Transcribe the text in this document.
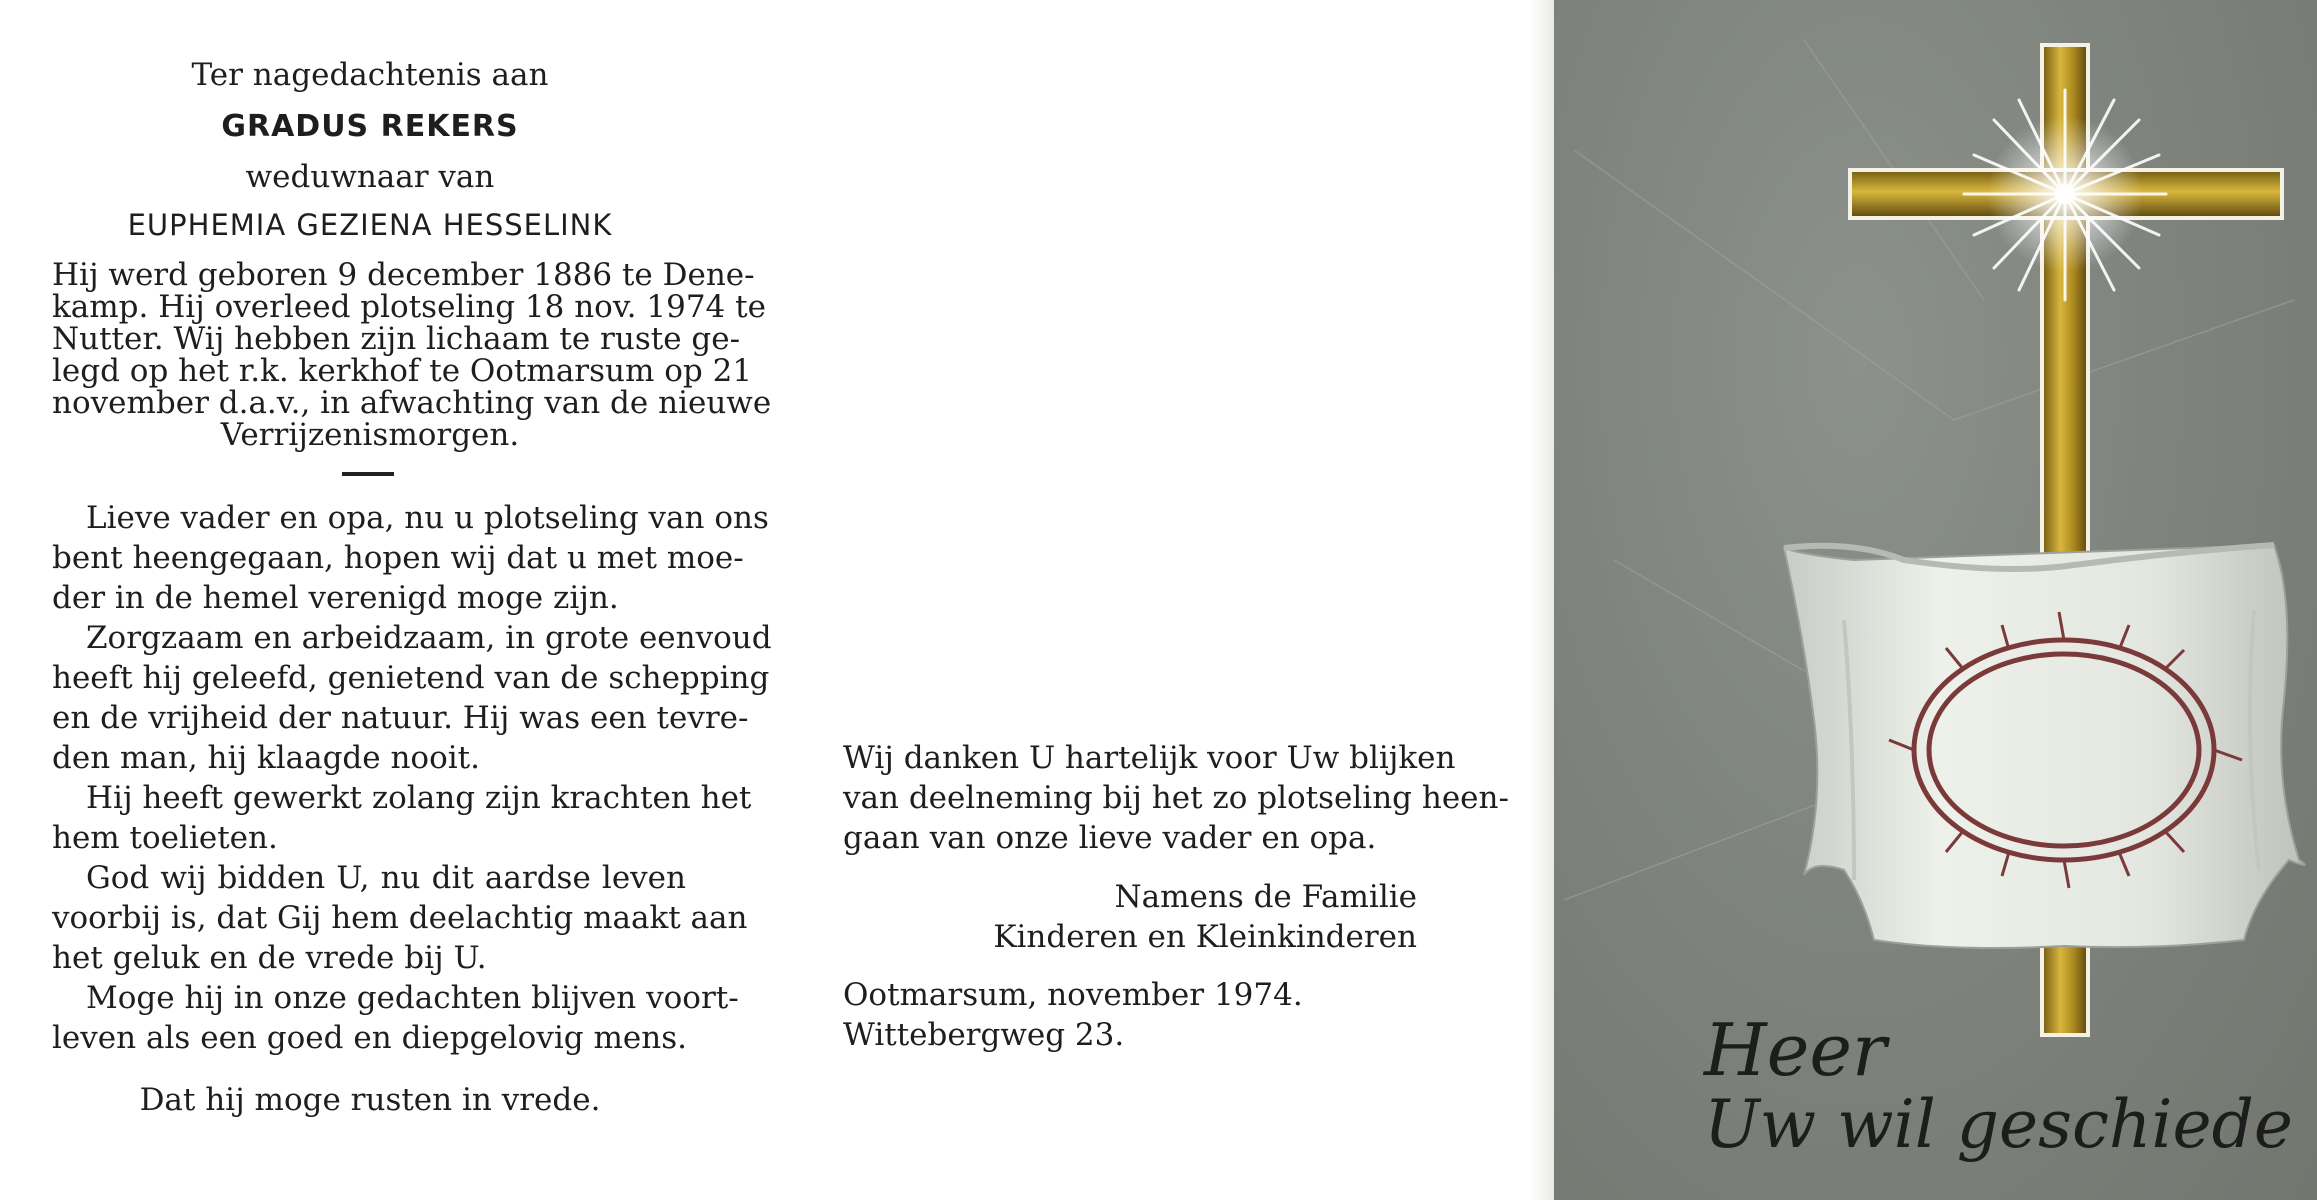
Ter nagedachtenis aan
GRADUS REKERS
weduwnaar van
EUPHEMIA GEZIENA HESSELINK
Hij werd geboren 9 december 1886 te Dene-
kamp. Hij overleed plotseling 18 nov. 1974 te
Nutter. Wij hebben zijn lichaam te ruste ge-
legd op het r.k. kerkhof te Ootmarsum op 21
november d.a.v., in afwachting van de nieuwe
Verrijzenismorgen.
Lieve vader en opa, nu u plotseling van ons
bent heengegaan, hopen wij dat u met moe-
der in de hemel verenigd moge zijn.
Zorgzaam en arbeidzaam, in grote eenvoud
heeft hij geleefd, genietend van de schepping
en de vrijheid der natuur. Hij was een tevre-
den man, hij klaagde nooit.
Hij heeft gewerkt zolang zijn krachten het
hem toelieten.
God wij bidden U, nu dit aardse leven
voorbij is, dat Gij hem deelachtig maakt aan
het geluk en de vrede bij U.
Moge hij in onze gedachten blijven voort-
leven als een goed en diepgelovig mens.
Dat hij moge rusten in vrede.
Wij danken U hartelijk voor Uw blijken
van deelneming bij het zo plotseling heen-
gaan van onze lieve vader en opa.
Namens de Familie
Kinderen en Kleinkinderen
Ootmarsum, november 1974.
Wittebergweg 23.	Heer
Uw wil geschiede
